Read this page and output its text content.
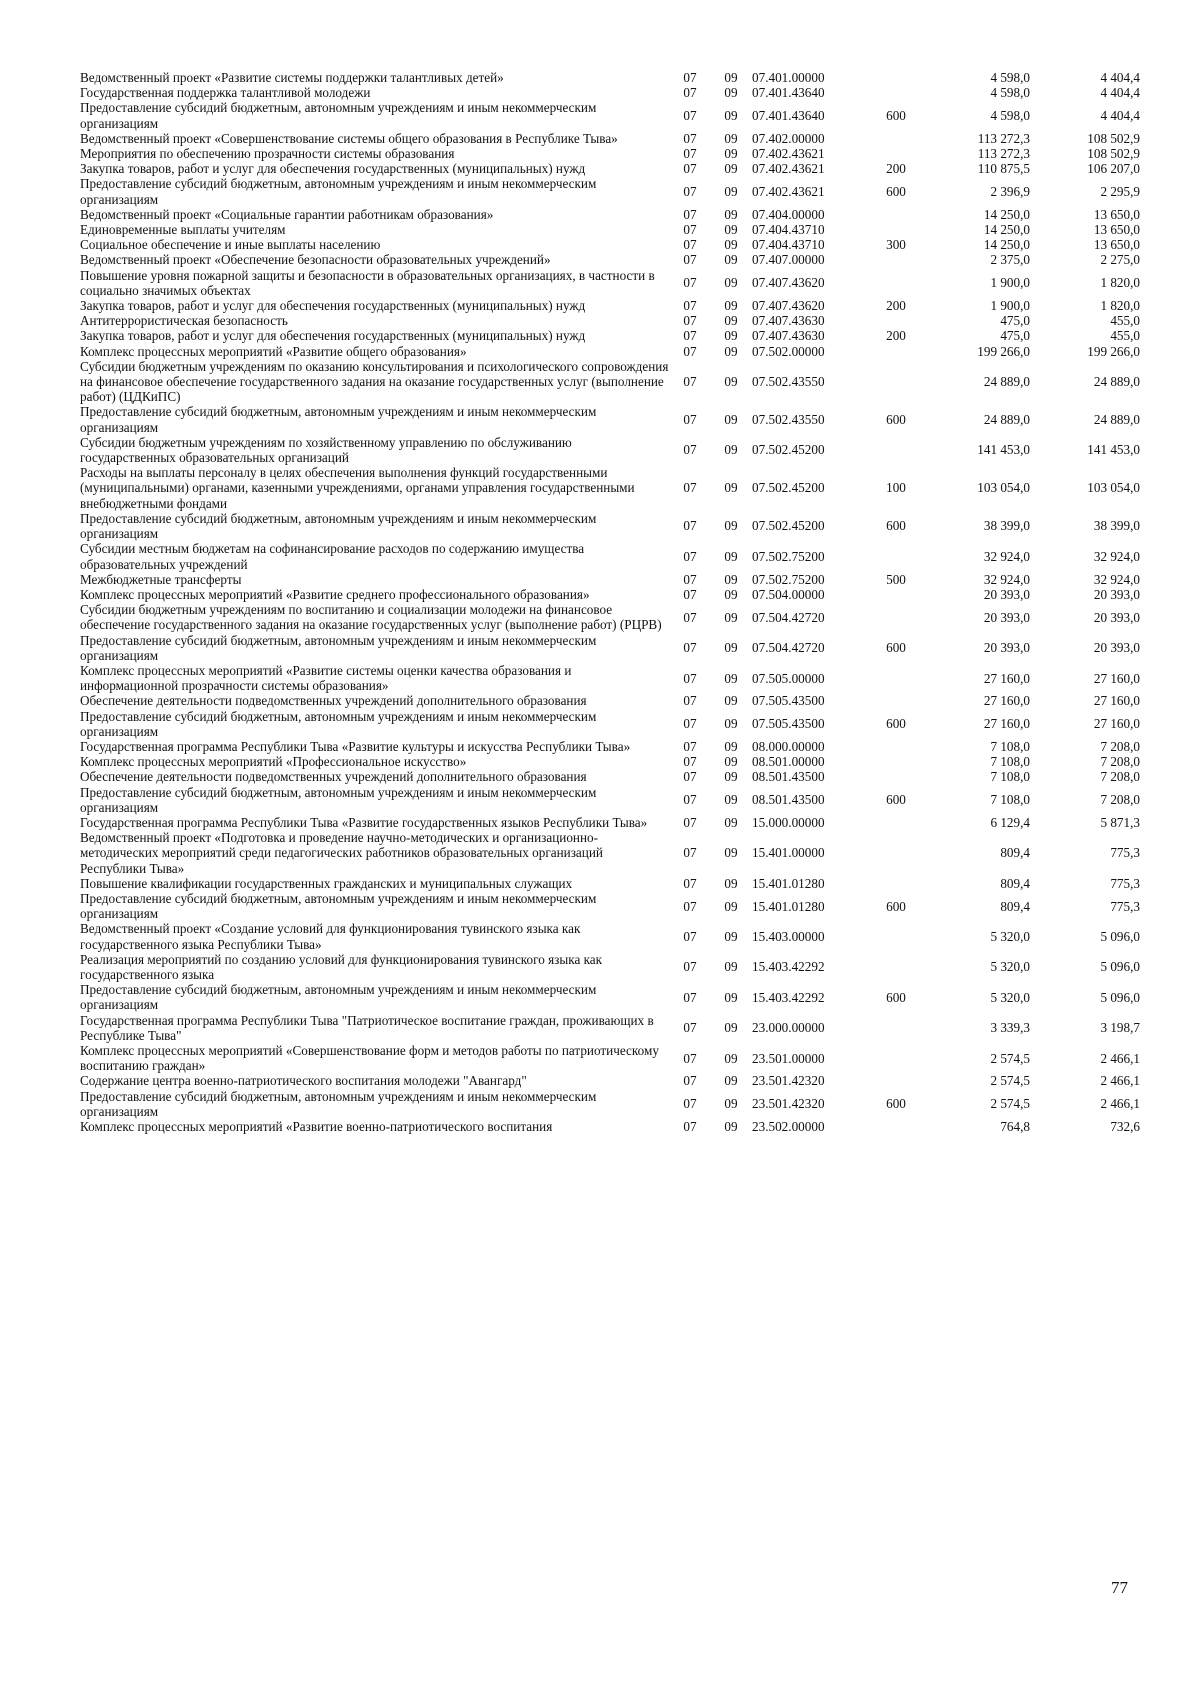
Ведомственный проект «Развитие системы поддержки талантливых детей»	07	09	07.401.00000		4 598,0	4 404,4
Государственная поддержка талантливой молодежи	07	09	07.401.43640		4 598,0	4 404,4
Предоставление субсидий бюджетным, автономным учреждениям и иным некоммерческим организациям	07	09	07.401.43640	600	4 598,0	4 404,4
Ведомственный проект «Совершенствование системы общего образования в Республике Тыва»	07	09	07.402.00000		113 272,3	108 502,9
Мероприятия по обеспечению прозрачности системы образования	07	09	07.402.43621		113 272,3	108 502,9
Закупка товаров, работ и услуг для обеспечения государственных (муниципальных) нужд	07	09	07.402.43621	200	110 875,5	106 207,0
Предоставление субсидий бюджетным, автономным учреждениям и иным некоммерческим организациям	07	09	07.402.43621	600	2 396,9	2 295,9
Ведомственный проект «Социальные гарантии работникам образования»	07	09	07.404.00000		14 250,0	13 650,0
Единовременные выплаты учителям	07	09	07.404.43710		14 250,0	13 650,0
Социальное обеспечение и иные выплаты населению	07	09	07.404.43710	300	14 250,0	13 650,0
Ведомственный проект «Обеспечение безопасности образовательных учреждений»	07	09	07.407.00000		2 375,0	2 275,0
Повышение уровня пожарной защиты и безопасности в образовательных организациях, в частности в социально значимых объектах	07	09	07.407.43620		1 900,0	1 820,0
Закупка товаров, работ и услуг для обеспечения государственных (муниципальных) нужд	07	09	07.407.43620	200	1 900,0	1 820,0
Антитеррористическая безопасность	07	09	07.407.43630		475,0	455,0
Закупка товаров, работ и услуг для обеспечения государственных (муниципальных) нужд	07	09	07.407.43630	200	475,0	455,0
Комплекс процессных мероприятий «Развитие общего образования»	07	09	07.502.00000		199 266,0	199 266,0
Субсидии бюджетным учреждениям по оказанию консультирования и психологического сопровождения на финансовое обеспечение государственного задания на оказание государственных услуг (выполнение работ) (ЦДКиПС)	07	09	07.502.43550		24 889,0	24 889,0
Предоставление субсидий бюджетным, автономным учреждениям и иным некоммерческим организациям	07	09	07.502.43550	600	24 889,0	24 889,0
Субсидии бюджетным учреждениям по хозяйственному управлению по обслуживанию государственных образовательных организаций	07	09	07.502.45200		141 453,0	141 453,0
Расходы на выплаты персоналу в целях обеспечения выполнения функций государственными (муниципальными) органами, казенными учреждениями, органами управления государственными внебюджетными фондами	07	09	07.502.45200	100	103 054,0	103 054,0
Предоставление субсидий бюджетным, автономным учреждениям и иным некоммерческим организациям	07	09	07.502.45200	600	38 399,0	38 399,0
Субсидии местным бюджетам на софинансирование расходов по содержанию имущества образовательных учреждений	07	09	07.502.75200		32 924,0	32 924,0
Межбюджетные трансферты	07	09	07.502.75200	500	32 924,0	32 924,0
Комплекс процессных мероприятий «Развитие среднего профессионального образования»	07	09	07.504.00000		20 393,0	20 393,0
Субсидии бюджетным учреждениям по воспитанию и социализации молодежи на финансовое обеспечение государственного задания на оказание государственных услуг (выполнение работ) (РЦРВ)	07	09	07.504.42720		20 393,0	20 393,0
Предоставление субсидий бюджетным, автономным учреждениям и иным некоммерческим организациям	07	09	07.504.42720	600	20 393,0	20 393,0
Комплекс процессных мероприятий «Развитие системы оценки качества образования и информационной прозрачности системы образования»	07	09	07.505.00000		27 160,0	27 160,0
Обеспечение деятельности подведомственных учреждений дополнительного образования	07	09	07.505.43500		27 160,0	27 160,0
Предоставление субсидий бюджетным, автономным учреждениям и иным некоммерческим организациям	07	09	07.505.43500	600	27 160,0	27 160,0
Государственная программа Республики Тыва «Развитие культуры и искусства Республики Тыва»	07	09	08.000.00000		7 108,0	7 208,0
Комплекс процессных мероприятий «Профессиональное искусство»	07	09	08.501.00000		7 108,0	7 208,0
Обеспечение деятельности подведомственных учреждений дополнительного образования	07	09	08.501.43500		7 108,0	7 208,0
Предоставление субсидий бюджетным, автономным учреждениям и иным некоммерческим организациям	07	09	08.501.43500	600	7 108,0	7 208,0
Государственная программа Республики Тыва «Развитие государственных языков Республики Тыва»	07	09	15.000.00000		6 129,4	5 871,3
Ведомственный проект «Подготовка и проведение научно-методических и организационно-методических мероприятий среди педагогических работников образовательных организаций Республики Тыва»	07	09	15.401.00000		809,4	775,3
Повышение квалификации государственных гражданских и муниципальных служащих	07	09	15.401.01280		809,4	775,3
Предоставление субсидий бюджетным, автономным учреждениям и иным некоммерческим организациям	07	09	15.401.01280	600	809,4	775,3
Ведомственный проект «Создание условий для функционирования тувинского языка как государственного языка Республики Тыва»	07	09	15.403.00000		5 320,0	5 096,0
Реализация мероприятий по созданию условий для функционирования тувинского языка как государственного языка	07	09	15.403.42292		5 320,0	5 096,0
Предоставление субсидий бюджетным, автономным учреждениям и иным некоммерческим организациям	07	09	15.403.42292	600	5 320,0	5 096,0
Государственная программа Республики Тыва "Патриотическое воспитание граждан, проживающих в Республике Тыва"	07	09	23.000.00000		3 339,3	3 198,7
Комплекс процессных мероприятий «Совершенствование форм и методов работы по патриотическому воспитанию граждан»	07	09	23.501.00000		2 574,5	2 466,1
Содержание центра военно-патриотического воспитания молодежи "Авангард"	07	09	23.501.42320		2 574,5	2 466,1
Предоставление субсидий бюджетным, автономным учреждениям и иным некоммерческим организациям	07	09	23.501.42320	600	2 574,5	2 466,1
Комплекс процессных мероприятий «Развитие военно-патриотического воспитания	07	09	23.502.00000		764,8	732,6
77
